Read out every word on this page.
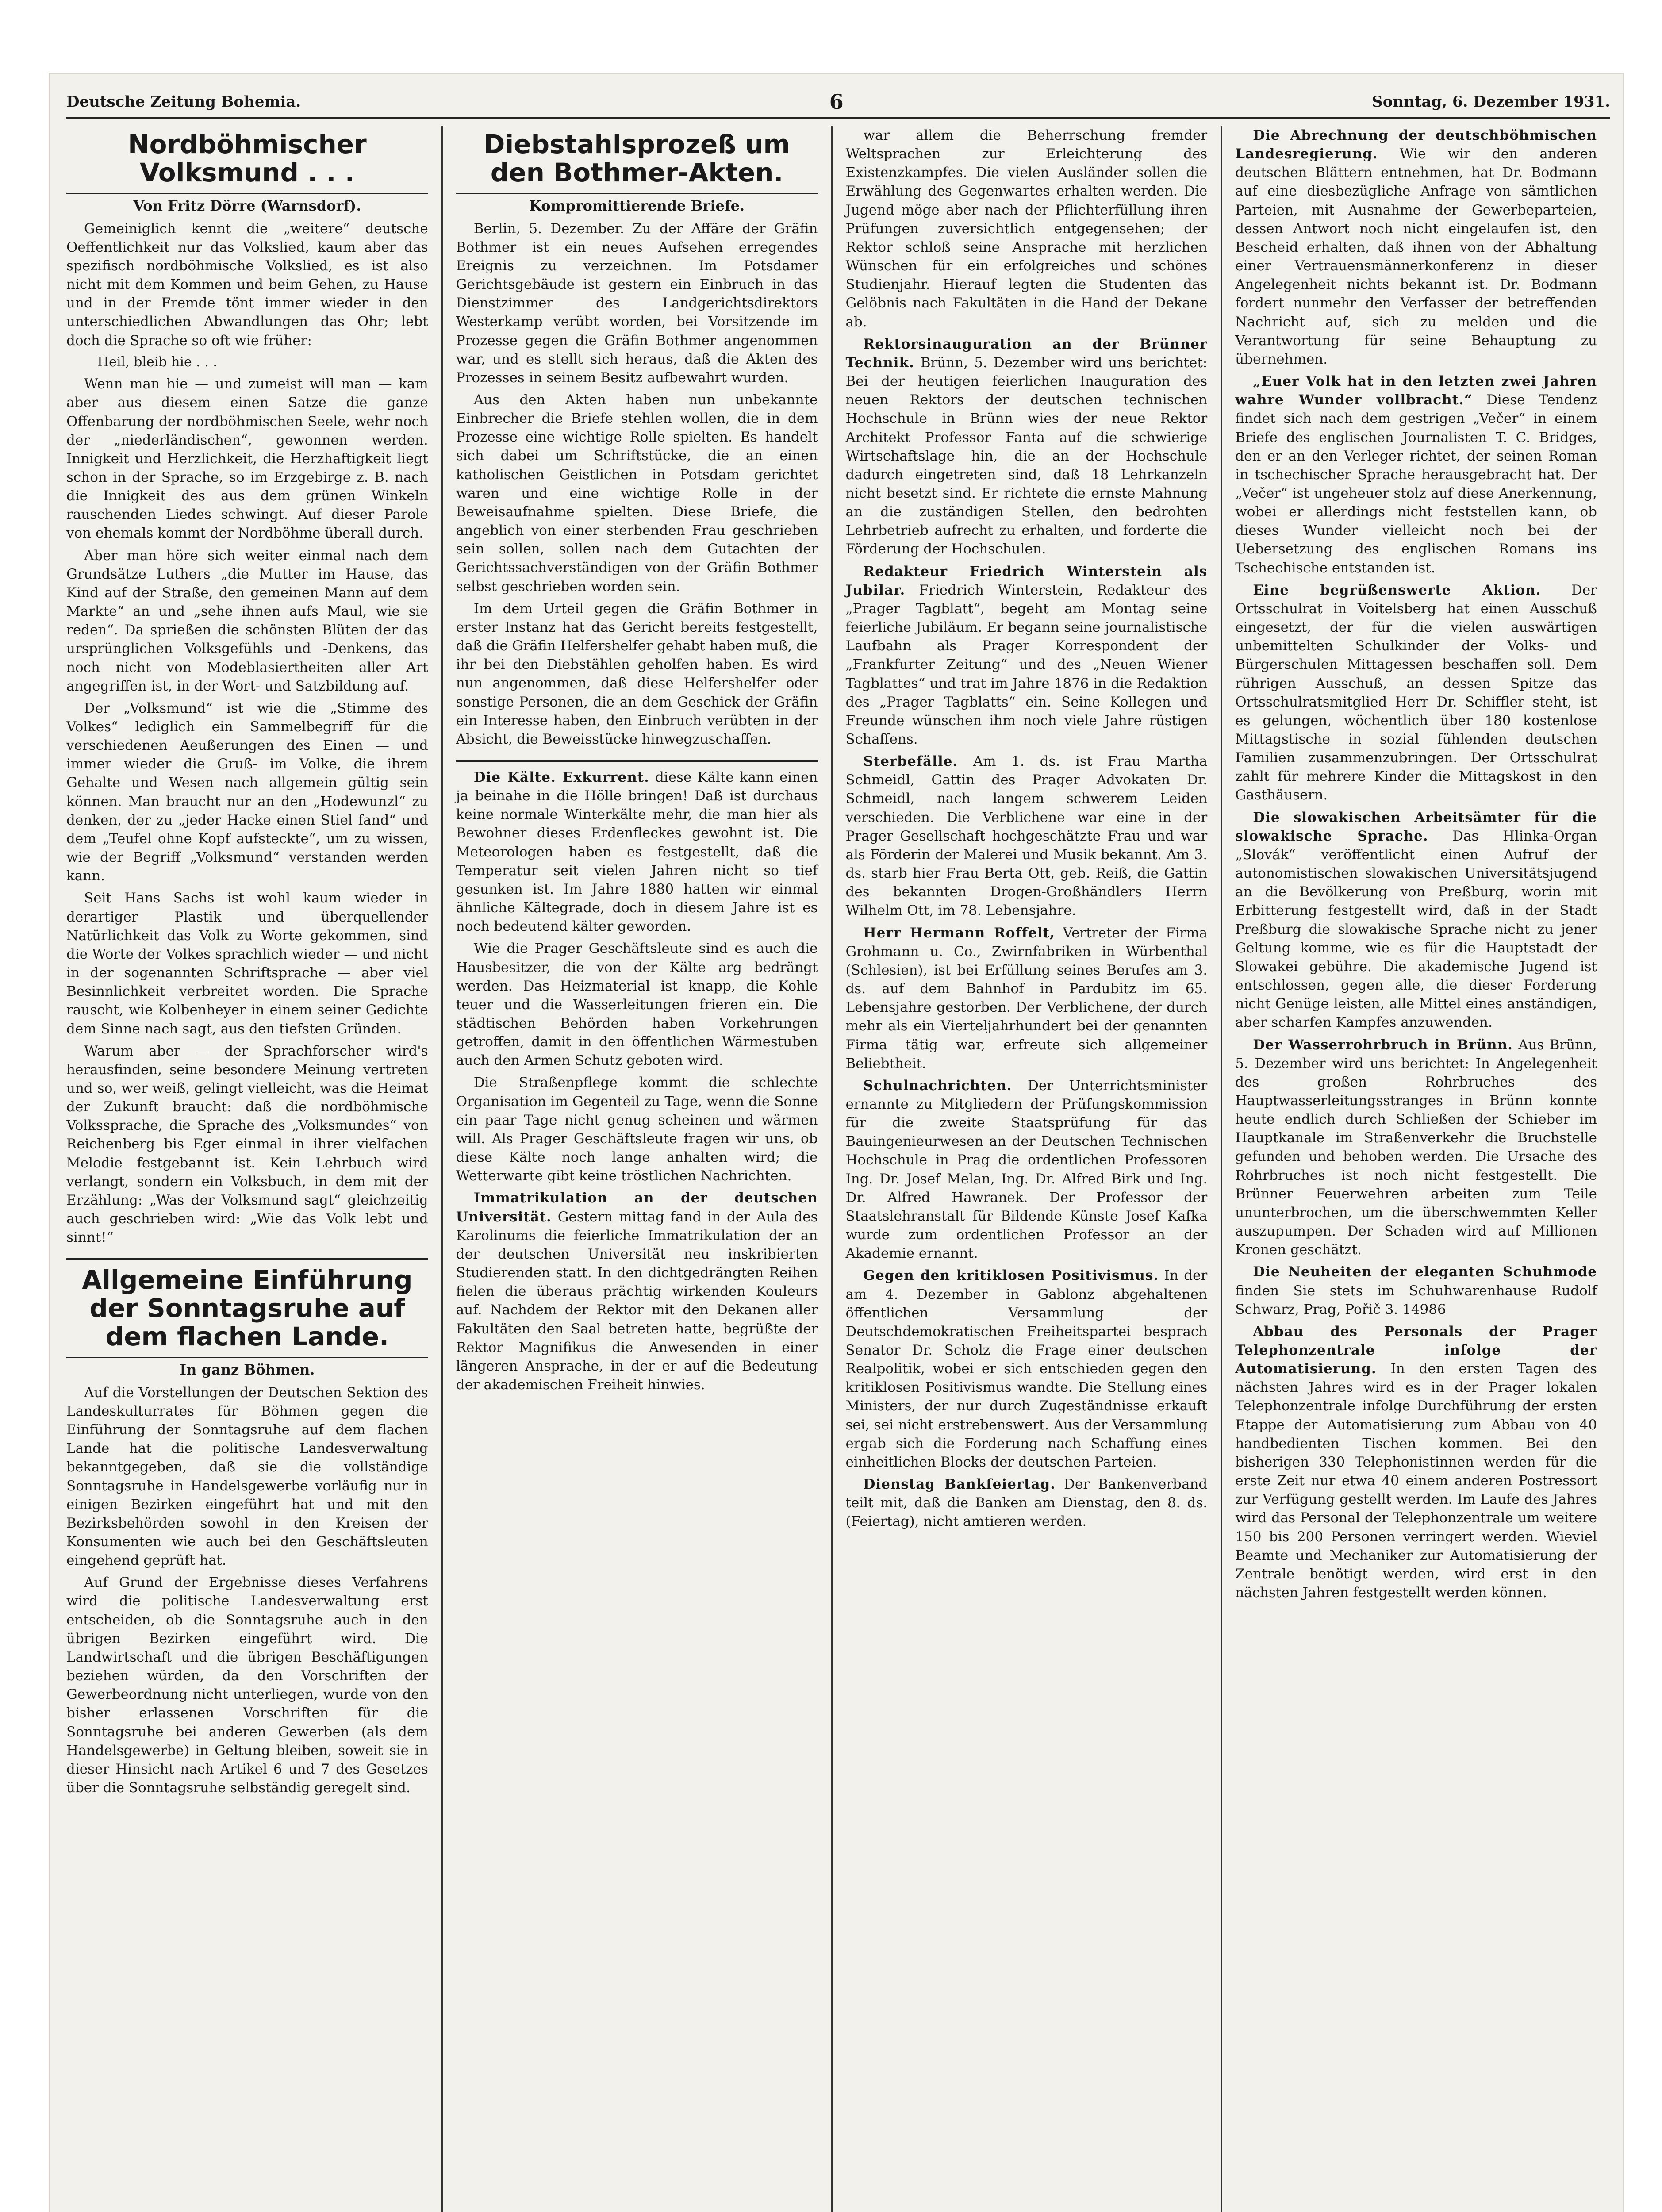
Deutsche Zeitung Bohemia.	6	Sonntag, 6. Dezember 1931.
Nordböhmischer Volksmund . . .
Von Fritz Dörre (Warnsdorf).

Gemeiniglich kennt die „weitere“ deutsche Oeffentlichkeit nur das Volkslied, kaum aber das spezifisch nordböhmische Volkslied, es ist also nicht mit dem Kommen und beim Gehen, zu Hause und in der Fremde tönt immer wieder in den unterschiedlichen Abwandlungen das Ohr; lebt doch die Sprache so oft wie früher:

Heil, bleib hie . . .

Wenn man hie — und zumeist will man — kam aber aus diesem einen Satze die ganze Offenbarung der nordböhmischen Seele, wehr noch der „niederländischen“, gewonnen werden. Innigkeit und Herzlichkeit, die Herzhaftigkeit liegt schon in der Sprache, so im Erzgebirge z. B. nach die Innigkeit des aus dem grünen Winkeln rauschenden Liedes schwingt. Auf dieser Parole von ehemals kommt der Nordböhme überall durch.

Aber man höre sich weiter einmal nach dem Grundsätze Luthers „die Mutter im Hause, das Kind auf der Straße, den gemeinen Mann auf dem Markte“ an und „sehe ihnen aufs Maul, wie sie reden“. Da sprießen die schönsten Blüten der das ursprünglichen Volksgefühls und -Denkens, das noch nicht von Modeblasiertheiten aller Art angegriffen ist, in der Wort- und Satzbildung auf.

Der „Volksmund“ ist wie die „Stimme des Volkes“ lediglich ein Sammelbegriff für die verschiedenen Aeußerungen des Einen — und immer wieder die Gruß- im Volke, die ihrem Gehalte und Wesen nach allgemein gültig sein können. Man braucht nur an den „Hodewunzl“ zu denken, der zu „jeder Hacke einen Stiel fand“ und dem „Teufel ohne Kopf aufsteckte“, um zu wissen, wie der Begriff „Volksmund“ verstanden werden kann.

Seit Hans Sachs ist wohl kaum wieder in derartiger Plastik und überquellender Natürlichkeit das Volk zu Worte gekommen, sind die Worte der Volkes sprachlich wieder — und nicht in der sogenannten Schriftsprache — aber viel Besinnlichkeit verbreitet worden. Die Sprache rauscht, wie Kolbenheyer in einem seiner Gedichte dem Sinne nach sagt, aus den tiefsten Gründen.

Warum aber — der Sprachforscher wird's herausfinden, seine besondere Meinung vertreten und so, wer weiß, gelingt vielleicht, was die Heimat der Zukunft braucht: daß die nordböhmische Volkssprache, die Sprache des „Volksmundes“ von Reichenberg bis Eger einmal in ihrer vielfachen Melodie festgebannt ist. Kein Lehrbuch wird verlangt, sondern ein Volksbuch, in dem mit der Erzählung: „Was der Volksmund sagt“ gleichzeitig auch geschrieben wird: „Wie das Volk lebt und sinnt!“

Allgemeine Einführung der Sonntagsruhe auf dem flachen Lande.
In ganz Böhmen.

Auf die Vorstellungen der Deutschen Sektion des Landeskulturrates für Böhmen gegen die Einführung der Sonntagsruhe auf dem flachen Lande hat die politische Landesverwaltung bekanntgegeben, daß sie die vollständige Sonntagsruhe in Handelsgewerbe vorläufig nur in einigen Bezirken eingeführt hat und mit den Bezirksbehörden sowohl in den Kreisen der Konsumenten wie auch bei den Geschäftsleuten eingehend geprüft hat.

Auf Grund der Ergebnisse dieses Verfahrens wird die politische Landesverwaltung erst entscheiden, ob die Sonntagsruhe auch in den übrigen Bezirken eingeführt wird. Die Landwirtschaft und die übrigen Beschäftigungen beziehen würden, da den Vorschriften der Gewerbeordnung nicht unterliegen, wurde von den bisher erlassenen Vorschriften für die Sonntagsruhe bei anderen Gewerben (als dem Handelsgewerbe) in Geltung bleiben, soweit sie in dieser Hinsicht nach Artikel 6 und 7 des Gesetzes über die Sonntagsruhe selbständig geregelt sind.

Diebstahlsprozeß um den Bothmer-Akten.
Kompromittierende Briefe.

Berlin, 5. Dezember. Zu der Affäre der Gräfin Bothmer ist ein neues Aufsehen erregendes Ereignis zu verzeichnen. Im Potsdamer Gerichtsgebäude ist gestern ein Einbruch in das Dienstzimmer des Landgerichtsdirektors Westerkamp verübt worden, bei Vorsitzende im Prozesse gegen die Gräfin Bothmer angenommen war, und es stellt sich heraus, daß die Akten des Prozesses in seinem Besitz aufbewahrt wurden.

Aus den Akten haben nun unbekannte Einbrecher die Briefe stehlen wollen, die in dem Prozesse eine wichtige Rolle spielten. Es handelt sich dabei um Schriftstücke, die an einen katholischen Geistlichen in Potsdam gerichtet waren und eine wichtige Rolle in der Beweisaufnahme spielten. Diese Briefe, die angeblich von einer sterbenden Frau geschrieben sein sollen, sollen nach dem Gutachten der Gerichtssachverständigen von der Gräfin Bothmer selbst geschrieben worden sein.

Im dem Urteil gegen die Gräfin Bothmer in erster Instanz hat das Gericht bereits festgestellt, daß die Gräfin Helfershelfer gehabt haben muß, die ihr bei den Diebstählen geholfen haben. Es wird nun angenommen, daß diese Helfershelfer oder sonstige Personen, die an dem Geschick der Gräfin ein Interesse haben, den Einbruch verübten in der Absicht, die Beweisstücke hinwegzuschaffen.

Die Kälte. Exkurrent. diese Kälte kann einen ja beinahe in die Hölle bringen! Daß ist durchaus keine normale Winterkälte mehr, die man hier als Bewohner dieses Erdenfleckes gewohnt ist. Die Meteorologen haben es festgestellt, daß die Temperatur seit vielen Jahren nicht so tief gesunken ist. Im Jahre 1880 hatten wir einmal ähnliche Kältegrade, doch in diesem Jahre ist es noch bedeutend kälter geworden.

Wie die Prager Geschäftsleute sind es auch die Hausbesitzer, die von der Kälte arg bedrängt werden. Das Heizmaterial ist knapp, die Kohle teuer und die Wasserleitungen frieren ein. Die städtischen Behörden haben Vorkehrungen getroffen, damit in den öffentlichen Wärmestuben auch den Armen Schutz geboten wird.

Die Straßenpflege kommt die schlechte Organisation im Gegenteil zu Tage, wenn die Sonne ein paar Tage nicht genug scheinen und wärmen will. Als Prager Geschäftsleute fragen wir uns, ob diese Kälte noch lange anhalten wird; die Wetterwarte gibt keine tröstlichen Nachrichten.

Immatrikulation an der deutschen Universität. Gestern mittag fand in der Aula des Karolinums die feierliche Immatrikulation der an der deutschen Universität neu inskribierten Studierenden statt. In den dichtgedrängten Reihen fielen die überaus prächtig wirkenden Kouleurs auf. Nachdem der Rektor mit den Dekanen aller Fakultäten den Saal betreten hatte, begrüßte der Rektor Magnifikus die Anwesenden in einer längeren Ansprache, in der er auf die Bedeutung der akademischen Freiheit hinwies.

war allem die Beherrschung fremder Weltsprachen zur Erleichterung des Existenzkampfes. Die vielen Ausländer sollen die Erwählung des Gegenwartes erhalten werden. Die Jugend möge aber nach der Pflichterfüllung ihren Prüfungen zuversichtlich entgegensehen; der Rektor schloß seine Ansprache mit herzlichen Wünschen für ein erfolgreiches und schönes Studienjahr. Hierauf legten die Studenten das Gelöbnis nach Fakultäten in die Hand der Dekane ab.

Rektorsinauguration an der Brünner Technik. Brünn, 5. Dezember wird uns berichtet: Bei der heutigen feierlichen Inauguration des neuen Rektors der deutschen technischen Hochschule in Brünn wies der neue Rektor Architekt Professor Fanta auf die schwierige Wirtschaftslage hin, die an der Hochschule dadurch eingetreten sind, daß 18 Lehrkanzeln nicht besetzt sind. Er richtete die ernste Mahnung an die zuständigen Stellen, den bedrohten Lehrbetrieb aufrecht zu erhalten, und forderte die Förderung der Hochschulen.

Redakteur Friedrich Winterstein als Jubilar. Friedrich Winterstein, Redakteur des „Prager Tagblatt“, begeht am Montag seine feierliche Jubiläum. Er begann seine journalistische Laufbahn als Prager Korrespondent der „Frankfurter Zeitung“ und des „Neuen Wiener Tagblattes“ und trat im Jahre 1876 in die Redaktion des „Prager Tagblatts“ ein. Seine Kollegen und Freunde wünschen ihm noch viele Jahre rüstigen Schaffens.

Sterbefälle. Am 1. ds. ist Frau Martha Schmeidl, Gattin des Prager Advokaten Dr. Schmeidl, nach langem schwerem Leiden verschieden. Die Verblichene war eine in der Prager Gesellschaft hochgeschätzte Frau und war als Förderin der Malerei und Musik bekannt. Am 3. ds. starb hier Frau Berta Ott, geb. Reiß, die Gattin des bekannten Drogen-Großhändlers Herrn Wilhelm Ott, im 78. Lebensjahre.

Herr Hermann Roffelt, Vertreter der Firma Grohmann u. Co., Zwirnfabriken in Würbenthal (Schlesien), ist bei Erfüllung seines Berufes am 3. ds. auf dem Bahnhof in Pardubitz im 65. Lebensjahre gestorben. Der Verblichene, der durch mehr als ein Vierteljahrhundert bei der genannten Firma tätig war, erfreute sich allgemeiner Beliebtheit.

Schulnachrichten. Der Unterrichtsminister ernannte zu Mitgliedern der Prüfungskommission für die zweite Staatsprüfung für das Bauingenieurwesen an der Deutschen Technischen Hochschule in Prag die ordentlichen Professoren Ing. Dr. Josef Melan, Ing. Dr. Alfred Birk und Ing. Dr. Alfred Hawranek. Der Professor der Staatslehranstalt für Bildende Künste Josef Kafka wurde zum ordentlichen Professor an der Akademie ernannt.

Gegen den kritiklosen Positivismus. In der am 4. Dezember in Gablonz abgehaltenen öffentlichen Versammlung der Deutschdemokratischen Freiheitspartei besprach Senator Dr. Scholz die Frage einer deutschen Realpolitik, wobei er sich entschieden gegen den kritiklosen Positivismus wandte. Die Stellung eines Ministers, der nur durch Zugeständnisse erkauft sei, sei nicht erstrebenswert. Aus der Versammlung ergab sich die Forderung nach Schaffung eines einheitlichen Blocks der deutschen Parteien.

Dienstag Bankfeiertag. Der Bankenverband teilt mit, daß die Banken am Dienstag, den 8. ds. (Feiertag), nicht amtieren werden.

Die Abrechnung der deutschböhmischen Landesregierung. Wie wir den anderen deutschen Blättern entnehmen, hat Dr. Bodmann auf eine diesbezügliche Anfrage von sämtlichen Parteien, mit Ausnahme der Gewerbeparteien, dessen Antwort noch nicht eingelaufen ist, den Bescheid erhalten, daß ihnen von der Abhaltung einer Vertrauensmännerkonferenz in dieser Angelegenheit nichts bekannt ist. Dr. Bodmann fordert nunmehr den Verfasser der betreffenden Nachricht auf, sich zu melden und die Verantwortung für seine Behauptung zu übernehmen.

„Euer Volk hat in den letzten zwei Jahren wahre Wunder vollbracht.“ Diese Tendenz findet sich nach dem gestrigen „Večer“ in einem Briefe des englischen Journalisten T. C. Bridges, den er an den Verleger richtet, der seinen Roman in tschechischer Sprache herausgebracht hat. Der „Večer“ ist ungeheuer stolz auf diese Anerkennung, wobei er allerdings nicht feststellen kann, ob dieses Wunder vielleicht noch bei der Uebersetzung des englischen Romans ins Tschechische entstanden ist.

Eine begrüßenswerte Aktion. Der Ortsschulrat in Voitelsberg hat einen Ausschuß eingesetzt, der für die vielen auswärtigen unbemittelten Schulkinder der Volks- und Bürgerschulen Mittagessen beschaffen soll. Dem rührigen Ausschuß, an dessen Spitze das Ortsschulratsmitglied Herr Dr. Schiffler steht, ist es gelungen, wöchentlich über 180 kostenlose Mittagstische in sozial fühlenden deutschen Familien zusammenzubringen. Der Ortsschulrat zahlt für mehrere Kinder die Mittagskost in den Gasthäusern.

Die slowakischen Arbeitsämter für die slowakische Sprache. Das Hlinka-Organ „Slovák“ veröffentlicht einen Aufruf der autonomistischen slowakischen Universitätsjugend an die Bevölkerung von Preßburg, worin mit Erbitterung festgestellt wird, daß in der Stadt Preßburg die slowakische Sprache nicht zu jener Geltung komme, wie es für die Hauptstadt der Slowakei gebühre. Die akademische Jugend ist entschlossen, gegen alle, die dieser Forderung nicht Genüge leisten, alle Mittel eines anständigen, aber scharfen Kampfes anzuwenden.

Der Wasserrohrbruch in Brünn. Aus Brünn, 5. Dezember wird uns berichtet: In Angelegenheit des großen Rohrbruches des Hauptwasserleitungsstranges in Brünn konnte heute endlich durch Schließen der Schieber im Hauptkanale im Straßenverkehr die Bruchstelle gefunden und behoben werden. Die Ursache des Rohrbruches ist noch nicht festgestellt. Die Brünner Feuerwehren arbeiten zum Teile ununterbrochen, um die überschwemmten Keller auszupumpen. Der Schaden wird auf Millionen Kronen geschätzt.

Die Neuheiten der eleganten Schuhmode finden Sie stets im Schuhwarenhause Rudolf Schwarz, Prag, Pořič 3. 14986

Abbau des Personals der Prager Telephonzentrale infolge der Automatisierung. In den ersten Tagen des nächsten Jahres wird es in der Prager lokalen Telephonzentrale infolge Durchführung der ersten Etappe der Automatisierung zum Abbau von 40 handbedienten Tischen kommen. Bei den bisherigen 330 Telephonistinnen werden für die erste Zeit nur etwa 40 einem anderen Postressort zur Verfügung gestellt werden. Im Laufe des Jahres wird das Personal der Telephonzentrale um weitere 150 bis 200 Personen verringert werden. Wieviel Beamte und Mechaniker zur Automatisierung der Zentrale benötigt werden, wird erst in den nächsten Jahren festgestellt werden können.
